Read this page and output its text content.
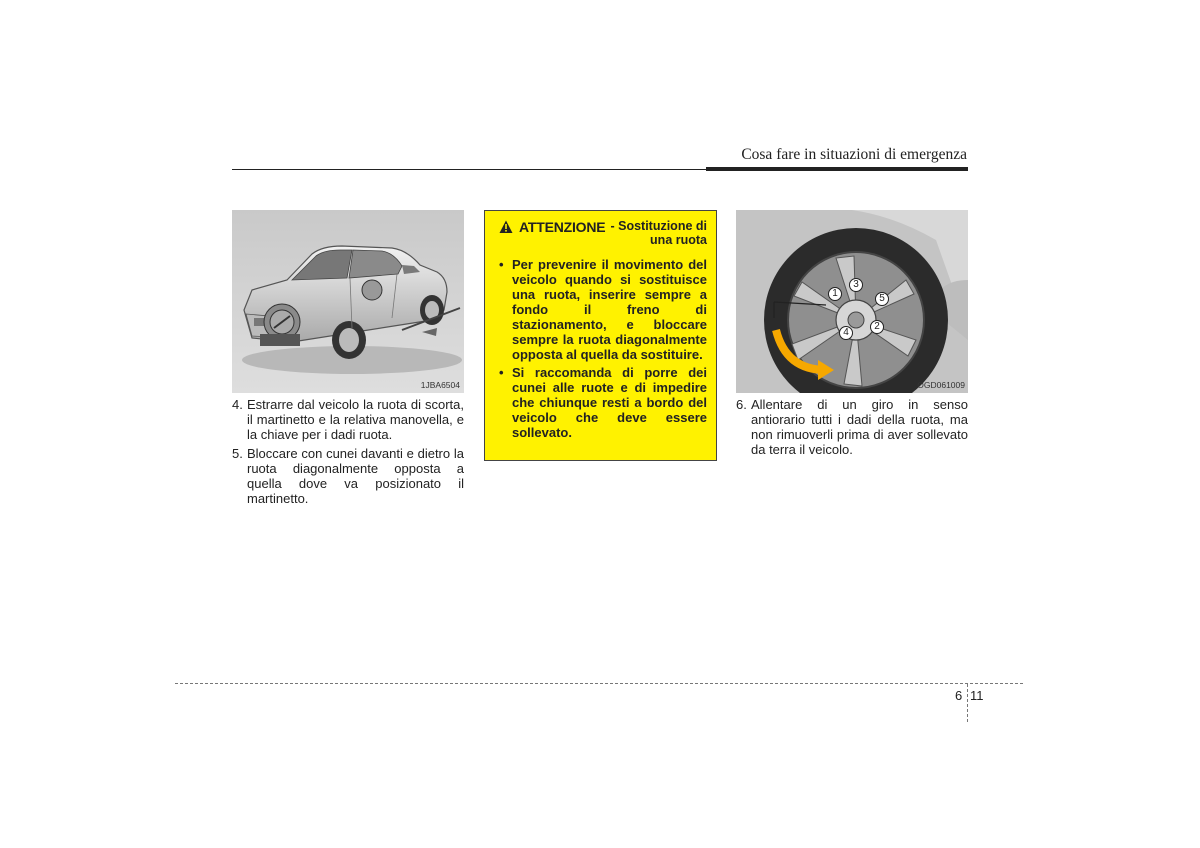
Cosa fare in situazioni di emergenza
1JBA6504
4. Estrarre dal veicolo la ruota di scorta, il martinetto e la relativa manovella, e la chiave per i dadi ruota.
5. Bloccare con cunei davanti e dietro la ruota diagonalmente opposta a quella dove va posizionato il martinetto.
ATTENZIONE - Sostituzione di una ruota
• Per prevenire il movimento del veicolo quando si sostituisce una ruota, inserire sempre a fondo il freno di stazionamento, e bloccare sempre la ruota diagonalmente opposta al quella da sostituire.
• Si raccomanda di porre dei cunei alle ruote e di impedire che chiunque resti a bordo del veicolo che deve essere sollevato.
1
2
3
4
5
OGD061009
6. Allentare di un giro in senso antiorario tutti i dadi della ruota, ma non rimuoverli prima di aver sollevato da terra il veicolo.
6 11
